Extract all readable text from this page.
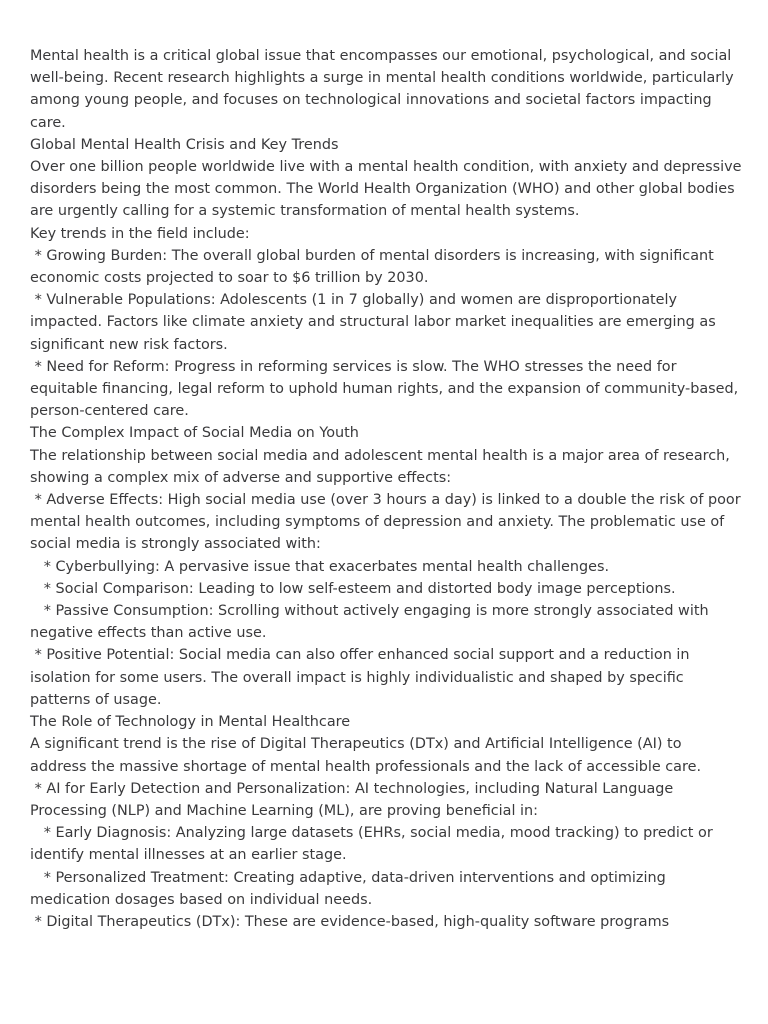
Mental health is a critical global issue that encompasses our emotional, psychological, and social well-being. Recent research highlights a surge in mental health conditions worldwide, particularly among young people, and focuses on technological innovations and societal factors impacting care.

Global Mental Health Crisis and Key Trends

Over one billion people worldwide live with a mental health condition, with anxiety and depressive disorders being the most common. The World Health Organization (WHO) and other global bodies are urgently calling for a systemic transformation of mental health systems.

Key trends in the field include:

* Growing Burden: The overall global burden of mental disorders is increasing, with significant economic costs projected to soar to $6 trillion by 2030.

* Vulnerable Populations: Adolescents (1 in 7 globally) and women are disproportionately impacted. Factors like climate anxiety and structural labor market inequalities are emerging as significant new risk factors.

* Need for Reform: Progress in reforming services is slow. The WHO stresses the need for equitable financing, legal reform to uphold human rights, and the expansion of community-based, person-centered care.

The Complex Impact of Social Media on Youth

The relationship between social media and adolescent mental health is a major area of research, showing a complex mix of adverse and supportive effects:

* Adverse Effects: High social media use (over 3 hours a day) is linked to a double the risk of poor mental health outcomes, including symptoms of depression and anxiety. The problematic use of social media is strongly associated with:

* Cyberbullying: A pervasive issue that exacerbates mental health challenges.

* Social Comparison: Leading to low self-esteem and distorted body image perceptions.

* Passive Consumption: Scrolling without actively engaging is more strongly associated with negative effects than active use.

* Positive Potential: Social media can also offer enhanced social support and a reduction in isolation for some users. The overall impact is highly individualistic and shaped by specific patterns of usage.

The Role of Technology in Mental Healthcare

A significant trend is the rise of Digital Therapeutics (DTx) and Artificial Intelligence (AI) to address the massive shortage of mental health professionals and the lack of accessible care.

* AI for Early Detection and Personalization: AI technologies, including Natural Language Processing (NLP) and Machine Learning (ML), are proving beneficial in:

* Early Diagnosis: Analyzing large datasets (EHRs, social media, mood tracking) to predict or identify mental illnesses at an earlier stage.

* Personalized Treatment: Creating adaptive, data-driven interventions and optimizing medication dosages based on individual needs.

* Digital Therapeutics (DTx): These are evidence-based, high-quality software programs
